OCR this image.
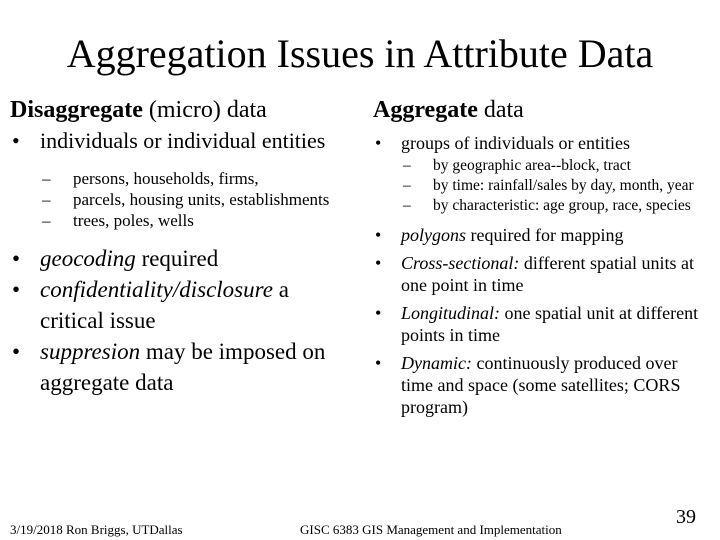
Aggregation Issues in Attribute Data
Disaggregate (micro) data
• individuals or individual entities
– persons, households, firms,
– parcels, housing units, establishments
– trees, poles, wells
• geocoding required
• confidentiality/disclosure a critical issue
• suppresion may be imposed on aggregate data
Aggregate data
• groups of individuals or entities
– by geographic area--block, tract
– by time: rainfall/sales by day, month, year
– by characteristic: age group, race, species
• polygons required for mapping
• Cross-sectional: different spatial units at one point in time
• Longitudinal: one spatial unit at different points in time
• Dynamic: continuously produced over time and space (some satellites; CORS program)
3/19/2018 Ron Briggs, UTDallas	GISC 6383 GIS Management and Implementation
39
